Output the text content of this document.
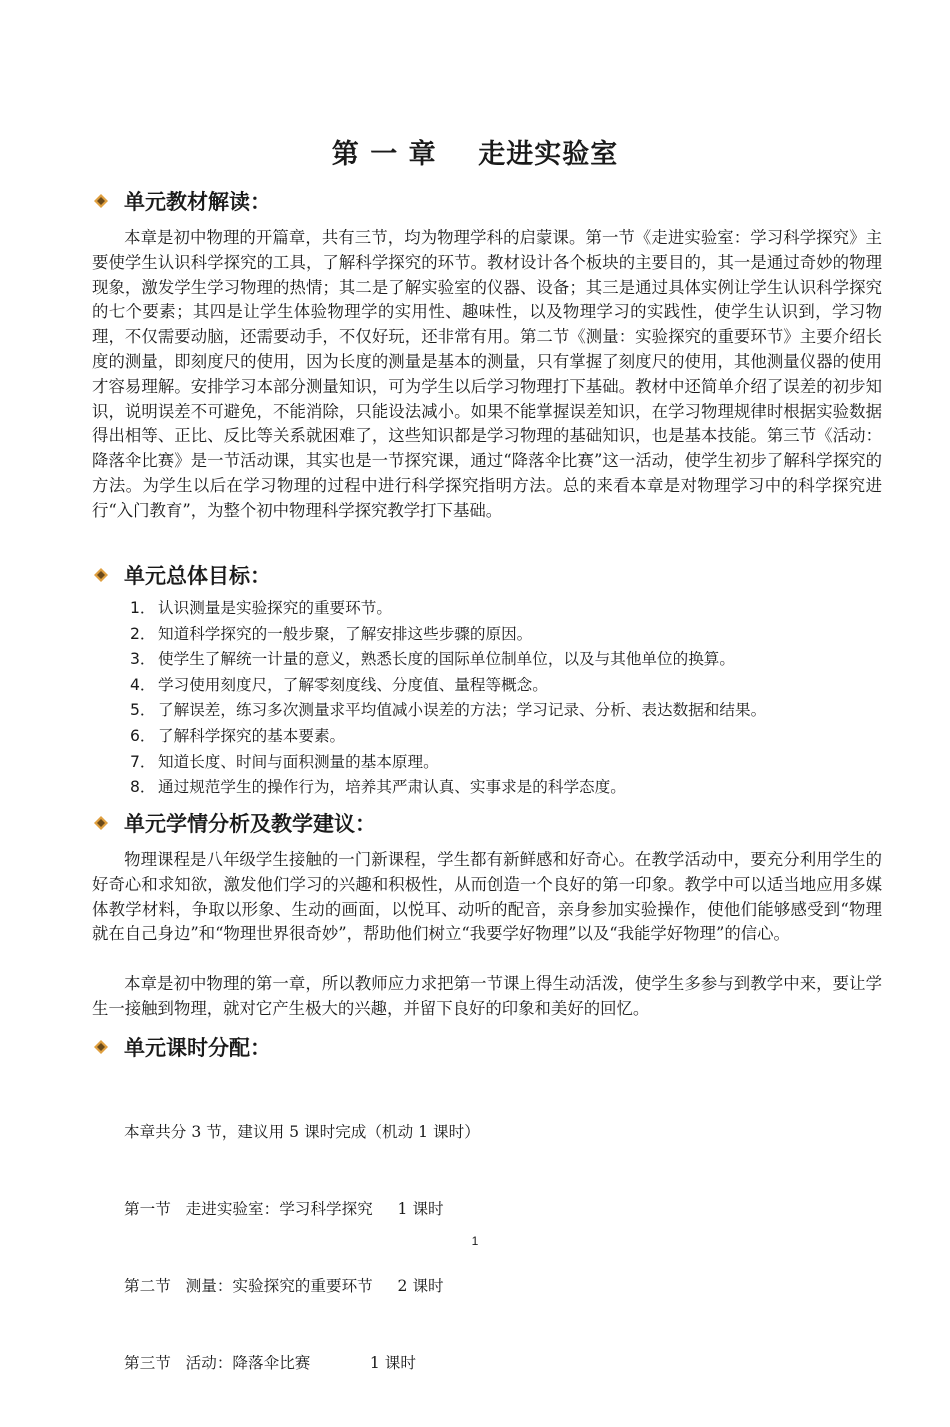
第 一 章    走进实验室
单元教材解读：

本章是初中物理的开篇章，共有三节，均为物理学科的启蒙课。第一节《走进实验室：学习科学探究》主要使学生认识科学探究的工具，了解科学探究的环节。教材设计各个板块的主要目的，其一是通过奇妙的物理现象，激发学生学习物理的热情；其二是了解实验室的仪器、设备；其三是通过具体实例让学生认识科学探究的七个要素；其四是让学生体验物理学的实用性、趣味性，以及物理学习的实践性，使学生认识到，学习物理，不仅需要动脑，还需要动手，不仅好玩，还非常有用。第二节《测量：实验探究的重要环节》主要介绍长度的测量，即刻度尺的使用，因为长度的测量是基本的测量，只有掌握了刻度尺的使用，其他测量仪器的使用才容易理解。安排学习本部分测量知识，可为学生以后学习物理打下基础。教材中还简单介绍了误差的初步知识，说明误差不可避免，不能消除，只能设法减小。如果不能掌握误差知识，在学习物理规律时根据实验数据得出相等、正比、反比等关系就困难了，这些知识都是学习物理的基础知识，也是基本技能。第三节《活动：降落伞比赛》是一节活动课，其实也是一节探究课，通过“降落伞比赛”这一活动，使学生初步了解科学探究的方法。为学生以后在学习物理的过程中进行科学探究指明方法。总的来看本章是对物理学习中的科学探究进行“入门教育”，为整个初中物理科学探究教学打下基础。

单元总体目标：
1． 认识测量是实验探究的重要环节。
2． 知道科学探究的一般步聚，了解安排这些步骤的原因。
3． 使学生了解统一计量的意义，熟悉长度的国际单位制单位，以及与其他单位的换算。
4． 学习使用刻度尺，了解零刻度线、分度值、量程等概念。
5． 了解误差，练习多次测量求平均值减小误差的方法；学习记录、分析、表达数据和结果。
6． 了解科学探究的基本要素。
7． 知道长度、时间与面积测量的基本原理。
8． 通过规范学生的操作行为，培养其严肃认真、实事求是的科学态度。
单元学情分析及教学建议：

物理课程是八年级学生接触的一门新课程，学生都有新鲜感和好奇心。在教学活动中，要充分利用学生的好奇心和求知欲，激发他们学习的兴趣和积极性，从而创造一个良好的第一印象。教学中可以适当地应用多媒体教学材料，争取以形象、生动的画面，以悦耳、动听的配音，亲身参加实验操作，使他们能够感受到“物理就在自己身边”和“物理世界很奇妙”，帮助他们树立“我要学好物理”以及“我能学好物理”的信心。

本章是初中物理的第一章，所以教师应力求把第一节课上得生动活泼，使学生多参与到教学中来，要让学生一接触到物理，就对它产生极大的兴趣，并留下良好的印象和美好的回忆。

单元课时分配：

本章共分 3 节，建议用 5 课时完成（机动 1 课时）

第一节   走进实验室：学习科学探究     1 课时

第二节   测量：实验探究的重要环节     2 课时

第三节   活动：降落伞比赛            1 课时

1
